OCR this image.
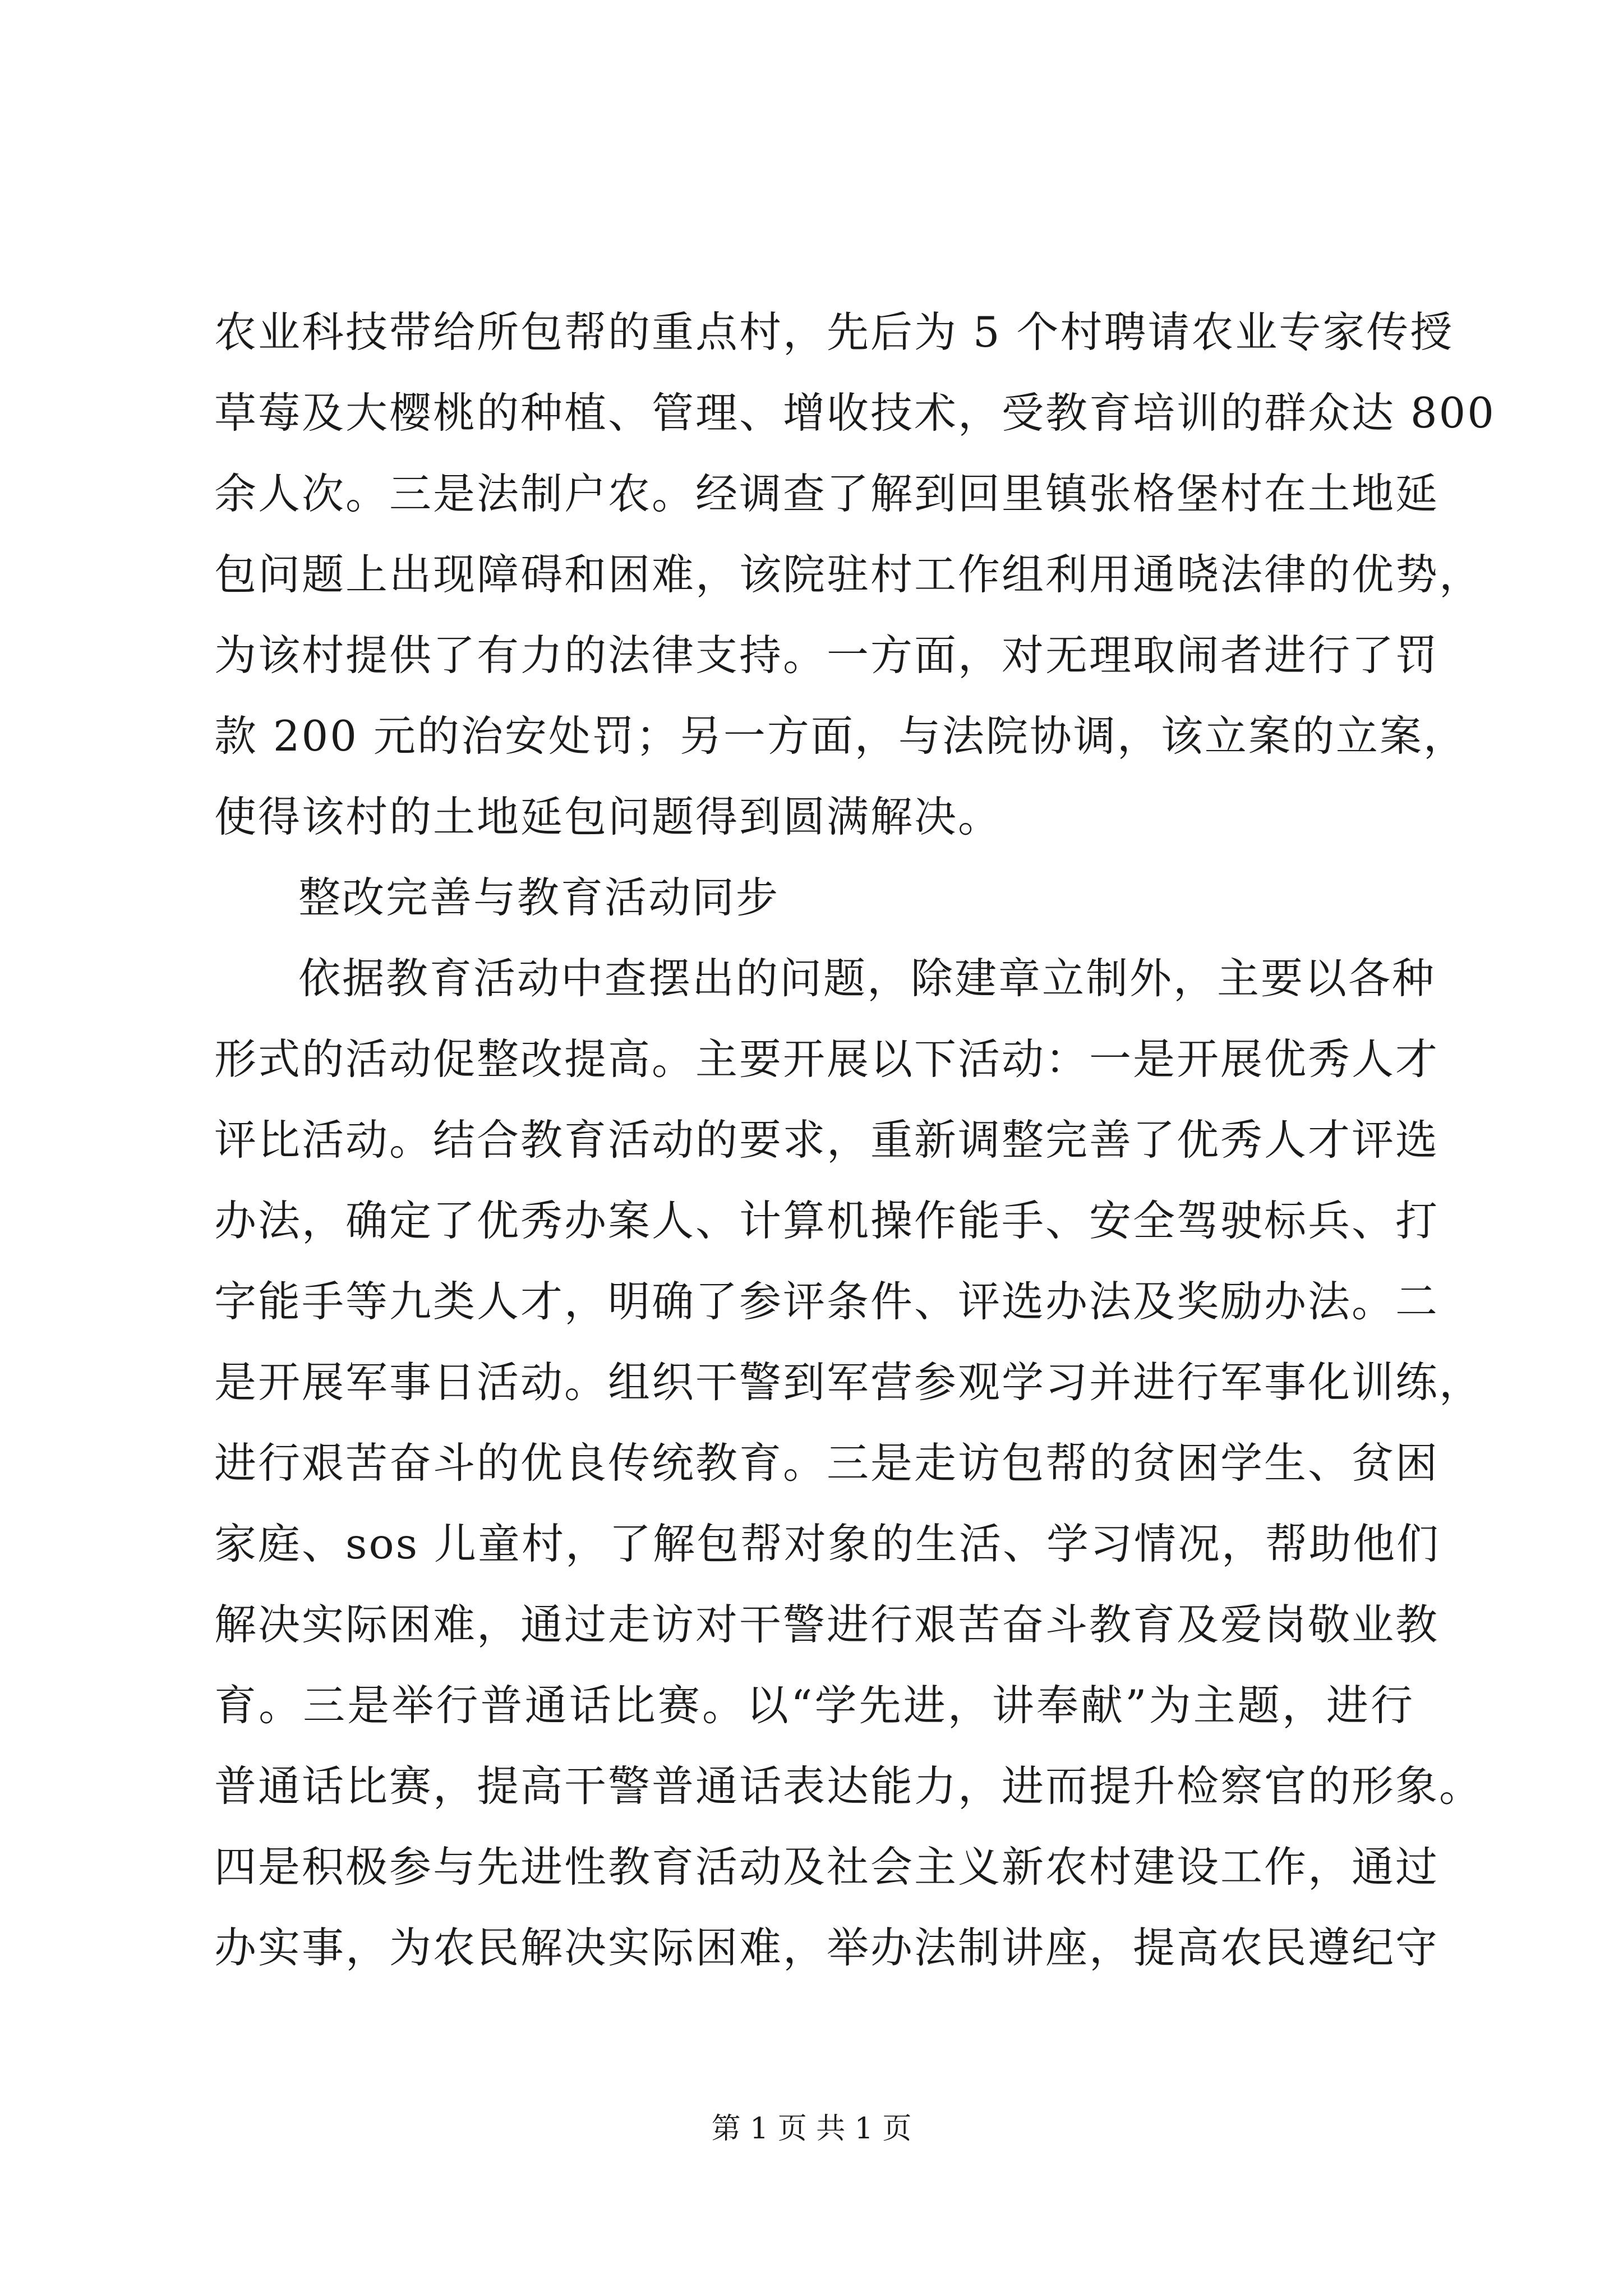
农业科技带给所包帮的重点村，先后为 5 个村聘请农业专家传授
草莓及大樱桃的种植、管理、增收技术，受教育培训的群众达 800
余人次。三是法制户农。经调查了解到回里镇张格堡村在土地延
包问题上出现障碍和困难，该院驻村工作组利用通晓法律的优势，
为该村提供了有力的法律支持。一方面，对无理取闹者进行了罚
款 200 元的治安处罚；另一方面，与法院协调，该立案的立案，
使得该村的土地延包问题得到圆满解决。
整改完善与教育活动同步
依据教育活动中查摆出的问题，除建章立制外，主要以各种
形式的活动促整改提高。主要开展以下活动：一是开展优秀人才
评比活动。结合教育活动的要求，重新调整完善了优秀人才评选
办法，确定了优秀办案人、计算机操作能手、安全驾驶标兵、打
字能手等九类人才，明确了参评条件、评选办法及奖励办法。二
是开展军事日活动。组织干警到军营参观学习并进行军事化训练，
进行艰苦奋斗的优良传统教育。三是走访包帮的贫困学生、贫困
家庭、sos 儿童村，了解包帮对象的生活、学习情况，帮助他们
解决实际困难，通过走访对干警进行艰苦奋斗教育及爱岗敬业教
育。三是举行普通话比赛。以“学先进，讲奉献”为主题，进行
普通话比赛，提高干警普通话表达能力，进而提升检察官的形象。
四是积极参与先进性教育活动及社会主义新农村建设工作，通过
办实事，为农民解决实际困难，举办法制讲座，提高农民遵纪守
第 1 页 共 1 页
